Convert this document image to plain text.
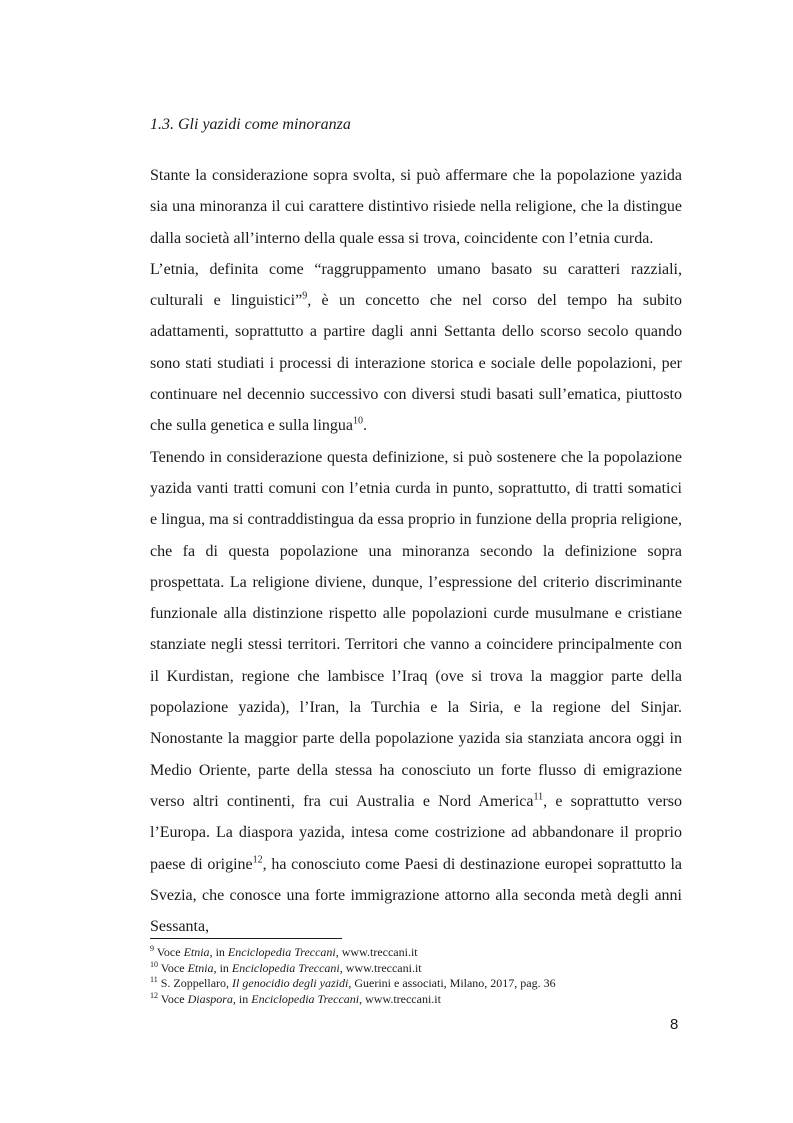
1.3. Gli yazidi come minoranza

Stante la considerazione sopra svolta, si può affermare che la popolazione yazida sia una minoranza il cui carattere distintivo risiede nella religione, che la distingue dalla società all’interno della quale essa si trova, coincidente con l’etnia curda.

L’etnia, definita come “raggruppamento umano basato su caratteri razziali, culturali e linguistici”$^9$, è un concetto che nel corso del tempo ha subito adattamenti, soprattutto a partire dagli anni Settanta dello scorso secolo quando sono stati studiati i processi di interazione storica e sociale delle popolazioni, per continuare nel decennio successivo con diversi studi basati sull’ematica, piuttosto che sulla genetica e sulla lingua$^{10}$.

Tenendo in considerazione questa definizione, si può sostenere che la popolazione yazida vanti tratti comuni con l’etnia curda in punto, soprattutto, di tratti somatici e lingua, ma si contraddistingua da essa proprio in funzione della propria religione, che fa di questa popolazione una minoranza secondo la definizione sopra prospettata. La religione diviene, dunque, l’espressione del criterio discriminante funzionale alla distinzione rispetto alle popolazioni curde musulmane e cristiane stanziate negli stessi territori. Territori che vanno a coincidere principalmente con il Kurdistan, regione che lambisce l’Iraq (ove si trova la maggior parte della popolazione yazida), l’Iran, la Turchia e la Siria, e la regione del Sinjar. Nonostante la maggior parte della popolazione yazida sia stanziata ancora oggi in Medio Oriente, parte della stessa ha conosciuto un forte flusso di emigrazione verso altri continenti, fra cui Australia e Nord America$^{11}$, e soprattutto verso l’Europa. La diaspora yazida, intesa come costrizione ad abbandonare il proprio paese di origine$^{12}$, ha conosciuto come Paesi di destinazione europei soprattutto la Svezia, che conosce una forte immigrazione attorno alla seconda metà degli anni Sessanta,

$^9$ Voce Etnia, in Enciclopedia Treccani, www.treccani.it
$^{10}$ Voce Etnia, in Enciclopedia Treccani, www.treccani.it
$^{11}$ S. Zoppellaro, Il genocidio degli yazidi, Guerini e associati, Milano, 2017, pag. 36
$^{12}$ Voce Diaspora, in Enciclopedia Treccani, www.treccani.it
8
